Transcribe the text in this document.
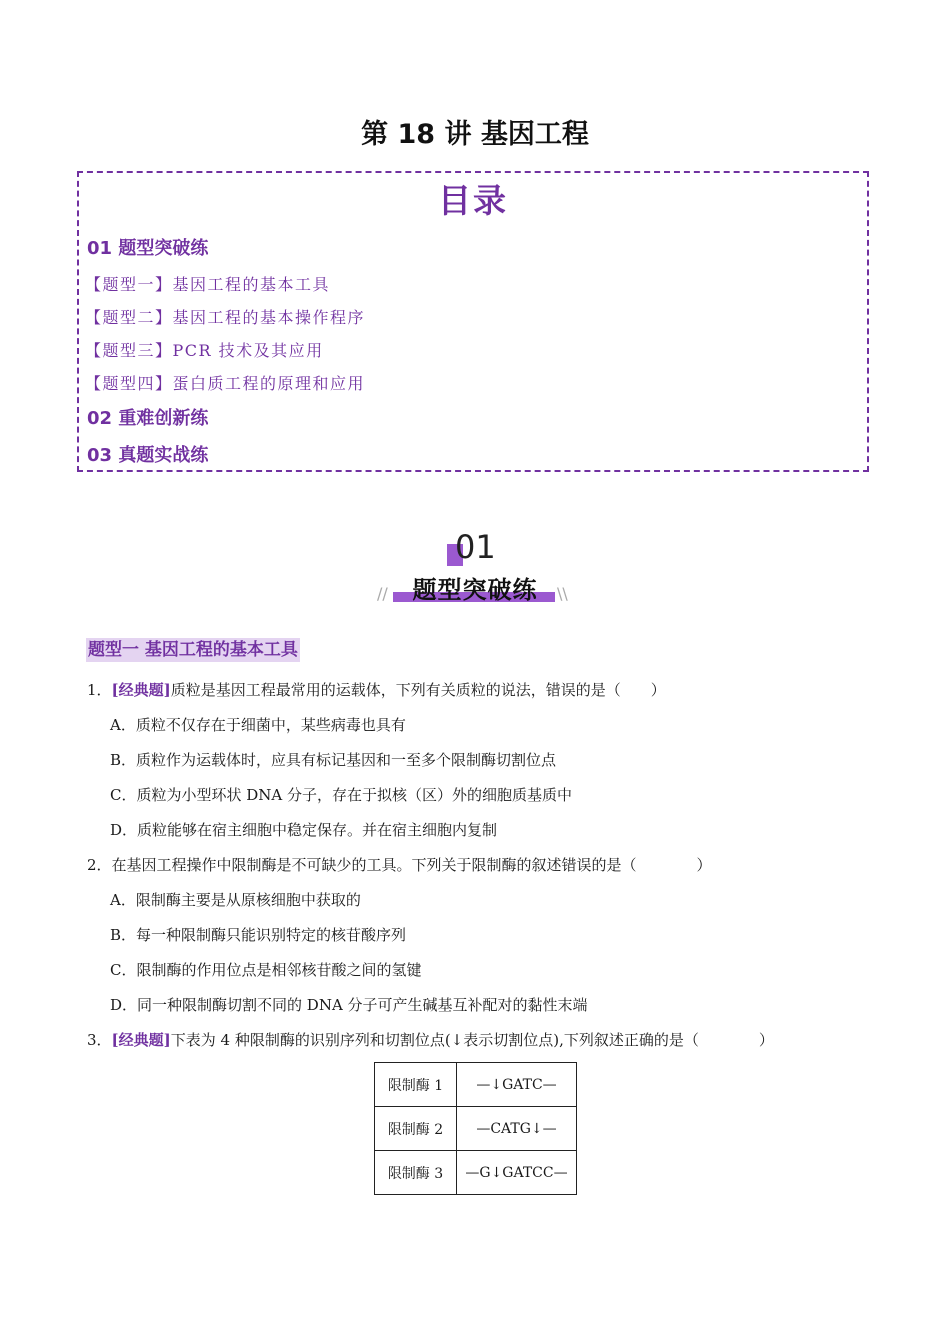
第 18 讲 基因工程
目录
01 题型突破练
【题型一】基因工程的基本工具
【题型二】基因工程的基本操作程序
【题型三】PCR 技术及其应用
【题型四】蛋白质工程的原理和应用
02 重难创新练
03 真题实战练
01
题型突破练
//	\\
题型一 基因工程的基本工具
1．[经典题]质粒是基因工程最常用的运载体，下列有关质粒的说法，错误的是（　　）
A．质粒不仅存在于细菌中，某些病毒也具有
B．质粒作为运载体时，应具有标记基因和一至多个限制酶切割位点
C．质粒为小型环状 DNA 分子，存在于拟核（区）外的细胞质基质中
D．质粒能够在宿主细胞中稳定保存。并在宿主细胞内复制
2．在基因工程操作中限制酶是不可缺少的工具。下列关于限制酶的叙述错误的是（　　　　）
A．限制酶主要是从原核细胞中获取的
B．每一种限制酶只能识别特定的核苷酸序列
C．限制酶的作用位点是相邻核苷酸之间的氢键
D．同一种限制酶切割不同的 DNA 分子可产生碱基互补配对的黏性末端
3．[经典题]下表为 4 种限制酶的识别序列和切割位点(↓表示切割位点),下列叙述正确的是（　　　　）
限制酶 1	—↓GATC—
限制酶 2	—CATG↓—
限制酶 3	—G↓GATCC—
